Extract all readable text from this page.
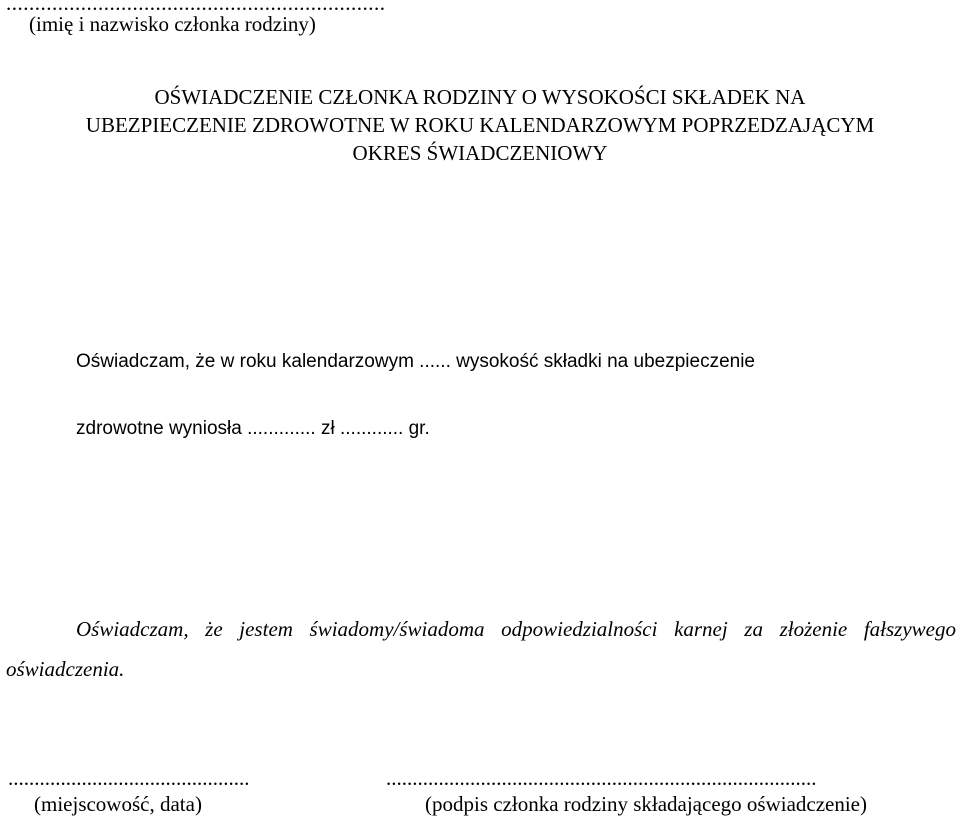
..................................................................

(imię i nazwisko członka rodziny)

OŚWIADCZENIE CZŁONKA RODZINY O WYSOKOŚCI SKŁADEK NA
UBEZPIECZENIE ZDROWOTNE W ROKU KALENDARZOWYM POPRZEDZAJĄCYM
OKRES ŚWIADCZENIOWY

Oświadczam, że w roku kalendarzowym ...... wysokość składki na ubezpieczenie

zdrowotne wyniosła ............. zł ............ gr.

Oświadczam, że jestem świadomy/świadoma odpowiedzialności karnej za złożenie fałszywego oświadczenia.

..............................................

(miejscowość, data)

..................................................................................

(podpis członka rodziny składającego oświadczenie)
